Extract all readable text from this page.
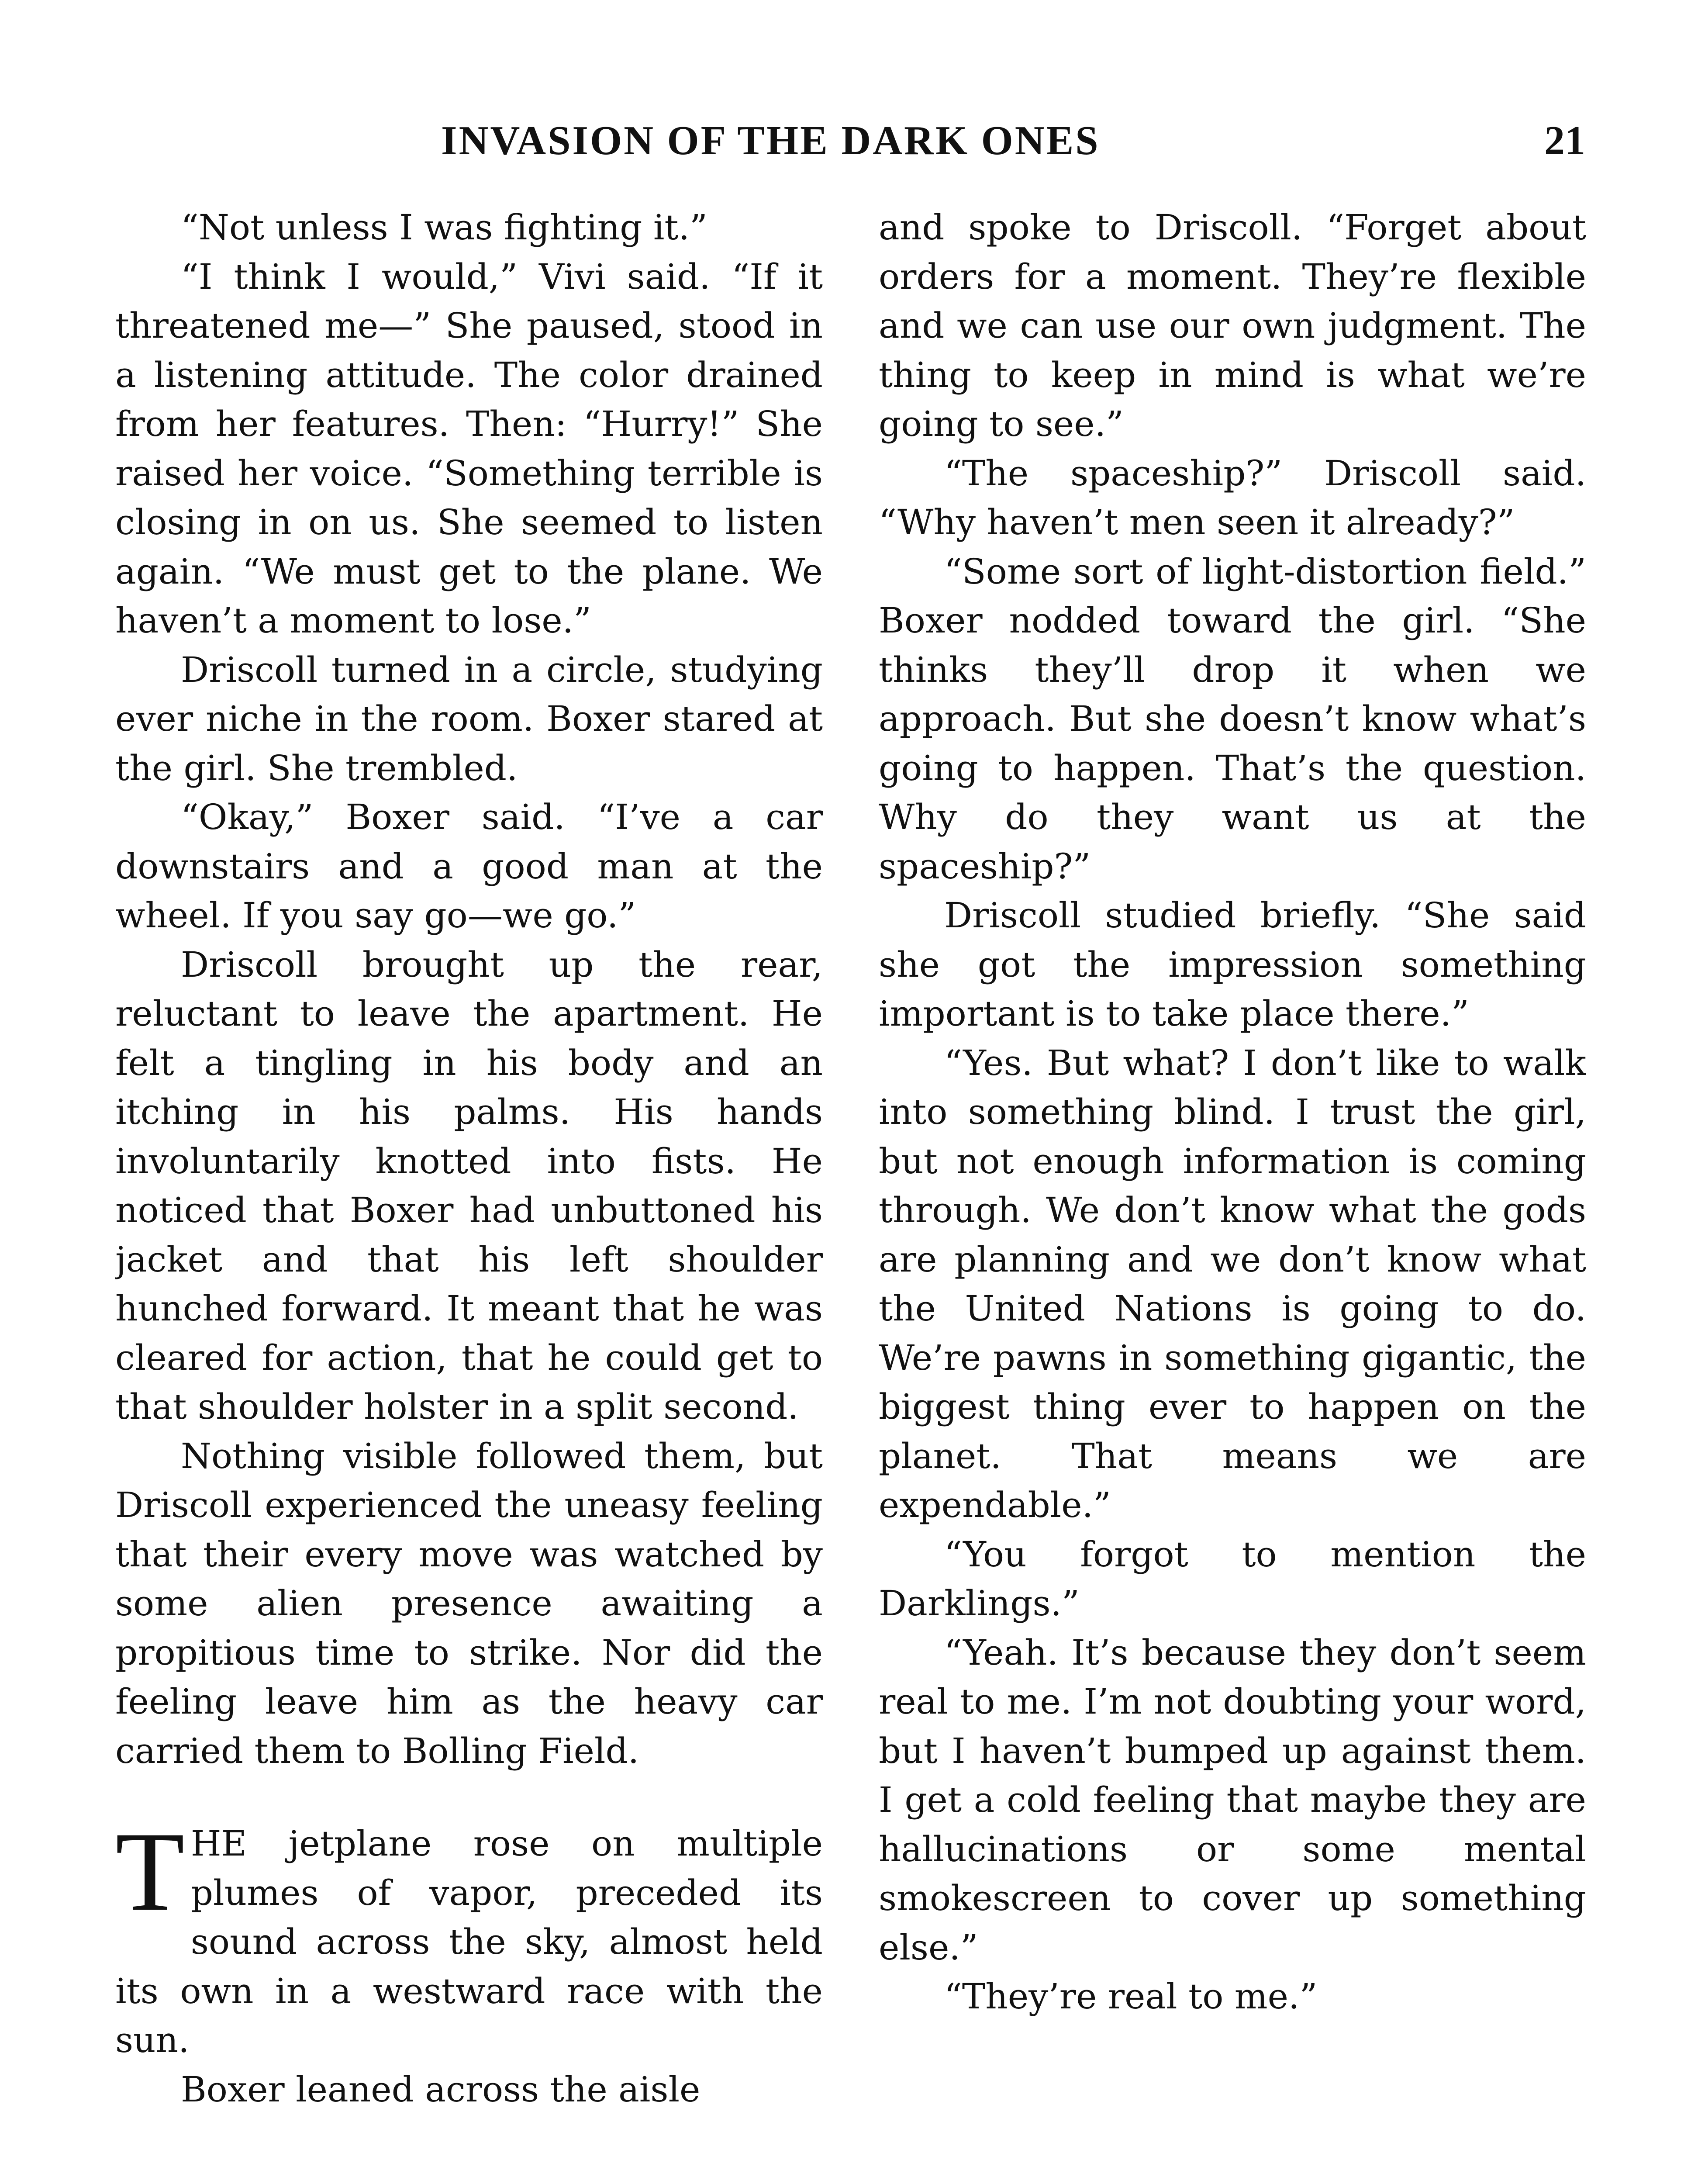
INVASION OF THE DARK ONES	21

“Not unless I was fighting it.”

“I think I would,” Vivi said. “If it threatened me—” She paused, stood in a listening attitude. The color drained from her features. Then: “Hurry!” She raised her voice. “Something terrible is closing in on us. She seemed to listen again. “We must get to the plane. We haven’t a moment to lose.”

Driscoll turned in a circle, studying ever niche in the room. Boxer stared at the girl. She trembled.

“Okay,” Boxer said. “I’ve a car downstairs and a good man at the wheel. If you say go—we go.”

Driscoll brought up the rear, reluctant to leave the apartment. He felt a tingling in his body and an itching in his palms. His hands involuntarily knotted into fists. He noticed that Boxer had unbuttoned his jacket and that his left shoulder hunched forward. It meant that he was cleared for action, that he could get to that shoulder holster in a split second.

Nothing visible followed them, but Driscoll experienced the uneasy feeling that their every move was watched by some alien presence awaiting a propitious time to strike. Nor did the feeling leave him as the heavy car carried them to Bolling Field.

THE jetplane rose on multiple plumes of vapor, preceded its sound across the sky, almost held its own in a westward race with the sun.

Boxer leaned across the aisle

and spoke to Driscoll. “Forget about orders for a moment. They’re flexible and we can use our own judgment. The thing to keep in mind is what we’re going to see.”

“The spaceship?” Driscoll said. “Why haven’t men seen it already?”

“Some sort of light-distortion field.” Boxer nodded toward the girl. “She thinks they’ll drop it when we approach. But she doesn’t know what’s going to happen. That’s the question. Why do they want us at the spaceship?”

Driscoll studied briefly. “She said she got the impression something important is to take place there.”

“Yes. But what? I don’t like to walk into something blind. I trust the girl, but not enough information is coming through. We don’t know what the gods are planning and we don’t know what the United Nations is going to do. We’re pawns in something gigantic, the biggest thing ever to happen on the planet. That means we are expendable.”

“You forgot to mention the Darklings.”

“Yeah. It’s because they don’t seem real to me. I’m not doubting your word, but I haven’t bumped up against them. I get a cold feeling that maybe they are hallucinations or some mental smokescreen to cover up something else.”

“They’re real to me.”
